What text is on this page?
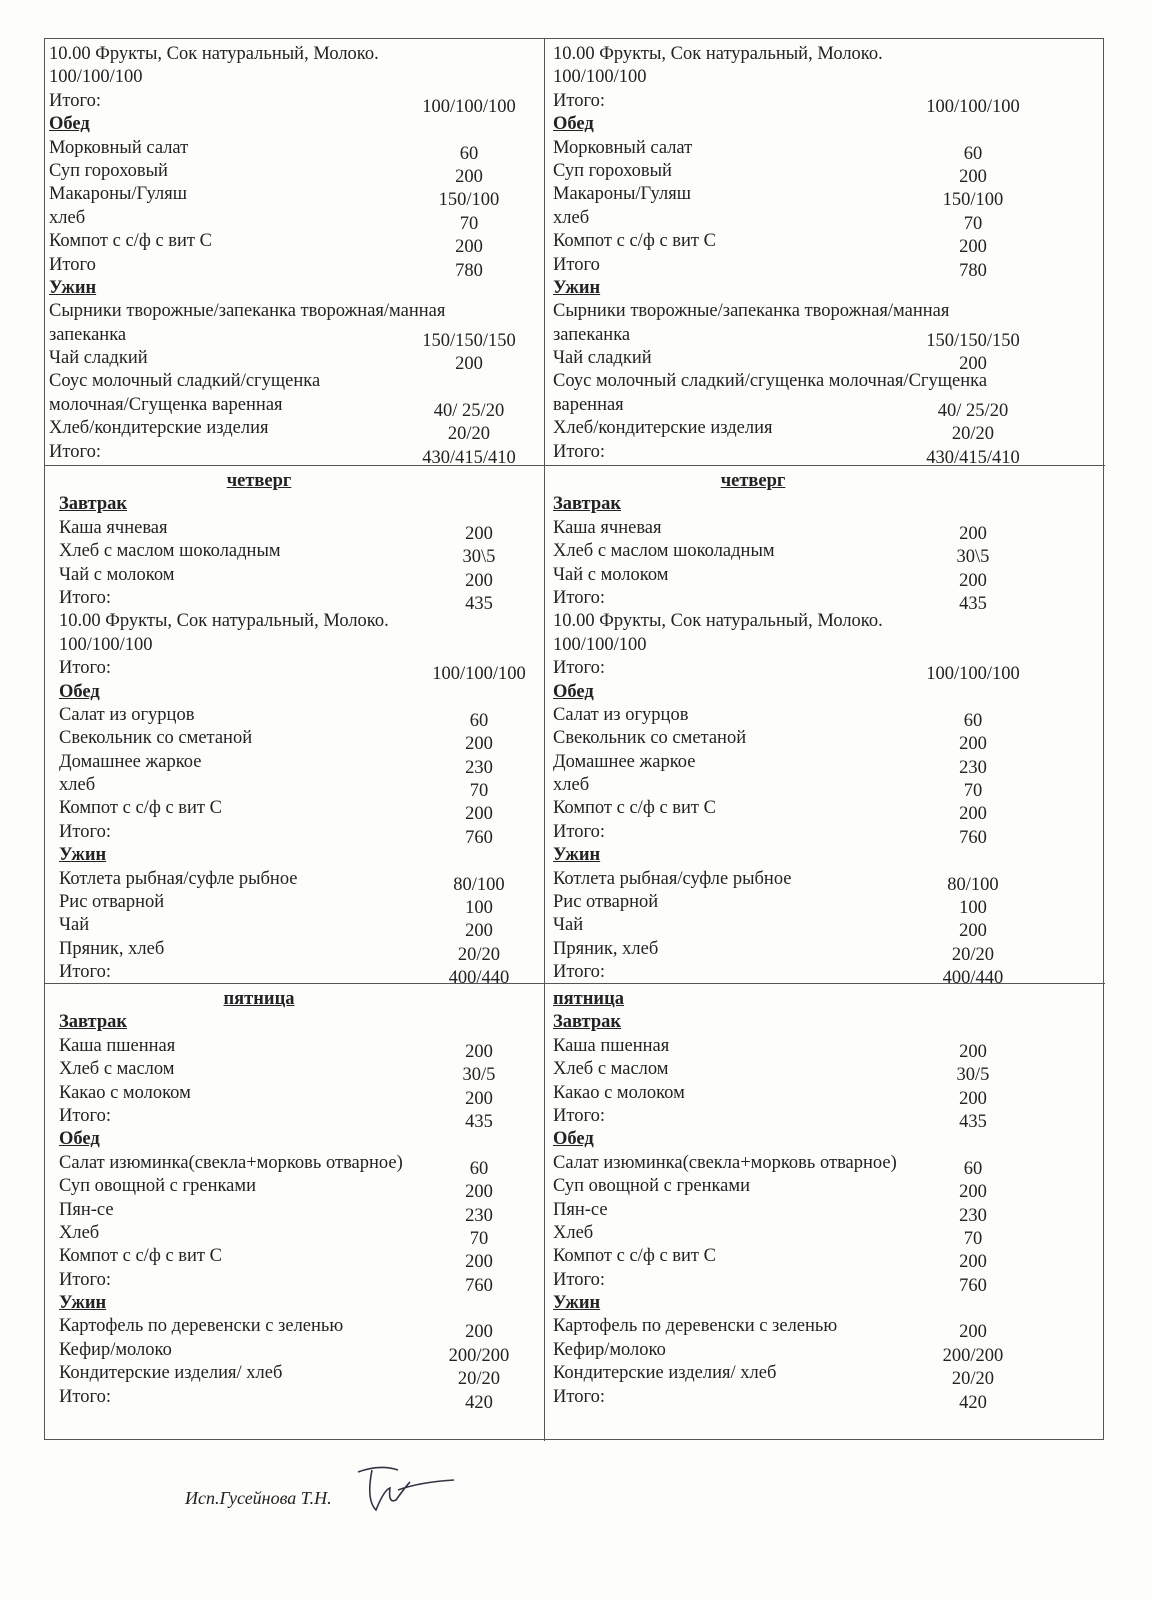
10.00 Фрукты, Сок натуральный, Молоко.
100/100/100
Итого:	100/100/100
Обед
Морковный салат	60
Суп гороховый	200
Макароны/Гуляш	150/100
хлеб	70
Компот с с/ф с вит С	200
Итого	780
Ужин
Сырники творожные/запеканка творожная/манная
запеканка	150/150/150
Чай сладкий	200
Соус молочный сладкий/сгущенка
молочная/Сгущенка варенная	40/ 25/20
Хлеб/кондитерские изделия	20/20
Итого:	430/415/410
10.00 Фрукты, Сок натуральный, Молоко.
100/100/100
Итого:	100/100/100
Обед
Морковный салат	60
Суп гороховый	200
Макароны/Гуляш	150/100
хлеб	70
Компот с с/ф с вит С	200
Итого	780
Ужин
Сырники творожные/запеканка творожная/манная
запеканка	150/150/150
Чай сладкий	200
Соус молочный сладкий/сгущенка молочная/Сгущенка
варенная	40/ 25/20
Хлеб/кондитерские изделия	20/20
Итого:	430/415/410
четверг
Завтрак
Каша ячневая	200
Хлеб с маслом шоколадным	30\5
Чай с молоком	200
Итого:	435
10.00 Фрукты, Сок натуральный, Молоко.
100/100/100
Итого:	100/100/100
Обед
Салат из огурцов	60
Свекольник со сметаной	200
Домашнее жаркое	230
хлеб	70
Компот с с/ф с вит С	200
Итого:	760
Ужин
Котлета рыбная/суфле рыбное	80/100
Рис отварной	100
Чай	200
Пряник, хлеб	20/20
Итого:	400/440
четверг
Завтрак
Каша ячневая	200
Хлеб с маслом шоколадным	30\5
Чай с молоком	200
Итого:	435
10.00 Фрукты, Сок натуральный, Молоко.
100/100/100
Итого:	100/100/100
Обед
Салат из огурцов	60
Свекольник со сметаной	200
Домашнее жаркое	230
хлеб	70
Компот с с/ф с вит С	200
Итого:	760
Ужин
Котлета рыбная/суфле рыбное	80/100
Рис отварной	100
Чай	200
Пряник, хлеб	20/20
Итого:	400/440
пятница
Завтрак
Каша пшенная	200
Хлеб с маслом	30/5
Какао с молоком	200
Итого:	435
Обед
Салат изюминка(свекла+морковь отварное)	60
Суп овощной с гренками	200
Пян-се	230
Хлеб	70
Компот с с/ф с вит С	200
Итого:	760
Ужин
Картофель по деревенски с зеленью	200
Кефир/молоко	200/200
Кондитерские изделия/ хлеб	20/20
Итого:	420
пятница
Завтрак
Каша пшенная	200
Хлеб с маслом	30/5
Какао с молоком	200
Итого:	435
Обед
Салат изюминка(свекла+морковь отварное)	60
Суп овощной с гренками	200
Пян-се	230
Хлеб	70
Компот с с/ф с вит С	200
Итого:	760
Ужин
Картофель по деревенски с зеленью	200
Кефир/молоко	200/200
Кондитерские изделия/ хлеб	20/20
Итого:	420
Исп.Гусейнова Т.Н.
